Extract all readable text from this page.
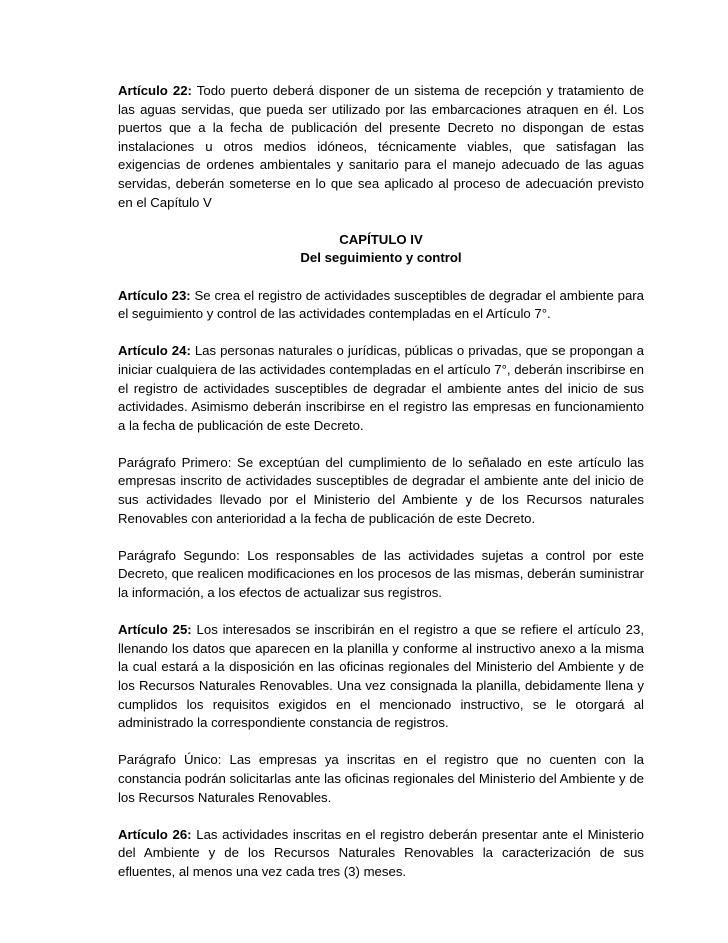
Artículo 22: Todo puerto deberá disponer de un sistema de recepción y tratamiento de las aguas servidas, que pueda ser utilizado por las embarcaciones atraquen en él. Los puertos que a la fecha de publicación del presente Decreto no dispongan de estas instalaciones u otros medios idóneos, técnicamente viables, que satisfagan las exigencias de ordenes ambientales y sanitario para el manejo adecuado de las aguas servidas, deberán someterse en lo que sea aplicado al proceso de adecuación previsto en el Capítulo V

CAPÍTULO IV
Del seguimiento y control

Artículo 23: Se crea el registro de actividades susceptibles de degradar el ambiente para el seguimiento y control de las actividades contempladas en el Artículo 7°.

Artículo 24: Las personas naturales o jurídicas, públicas o privadas, que se propongan a iniciar cualquiera de las actividades contempladas en el artículo 7°, deberán inscribirse en el registro de actividades susceptibles de degradar el ambiente antes del inicio de sus actividades. Asimismo deberán inscribirse en el registro las empresas en funcionamiento a la fecha de publicación de este Decreto.

Parágrafo Primero: Se exceptúan del cumplimiento de lo señalado en este artículo las empresas inscrito de actividades susceptibles de degradar el ambiente ante del inicio de sus actividades llevado por el Ministerio del Ambiente y de los Recursos naturales Renovables con anterioridad a la fecha de publicación de este Decreto.

Parágrafo Segundo: Los responsables de las actividades sujetas a control por este Decreto, que realicen modificaciones en los procesos de las mismas, deberán suministrar la información, a los efectos de actualizar sus registros.

Artículo 25: Los interesados se inscribirán en el registro a que se refiere el artículo 23, llenando los datos que aparecen en la planilla y conforme al instructivo anexo a la misma la cual estará a la disposición en las oficinas regionales del Ministerio del Ambiente y de los Recursos Naturales Renovables. Una vez consignada la planilla, debidamente llena y cumplidos los requisitos exigidos en el mencionado instructivo, se le otorgará al administrado la correspondiente constancia de registros.

Parágrafo Único: Las empresas ya inscritas en el registro que no cuenten con la constancia podrán solicitarlas ante las oficinas regionales del Ministerio del Ambiente y de los Recursos Naturales Renovables.

Artículo 26: Las actividades inscritas en el registro deberán presentar ante el Ministerio del Ambiente y de los Recursos Naturales Renovables la caracterización de sus efluentes, al menos una vez cada tres (3) meses.
